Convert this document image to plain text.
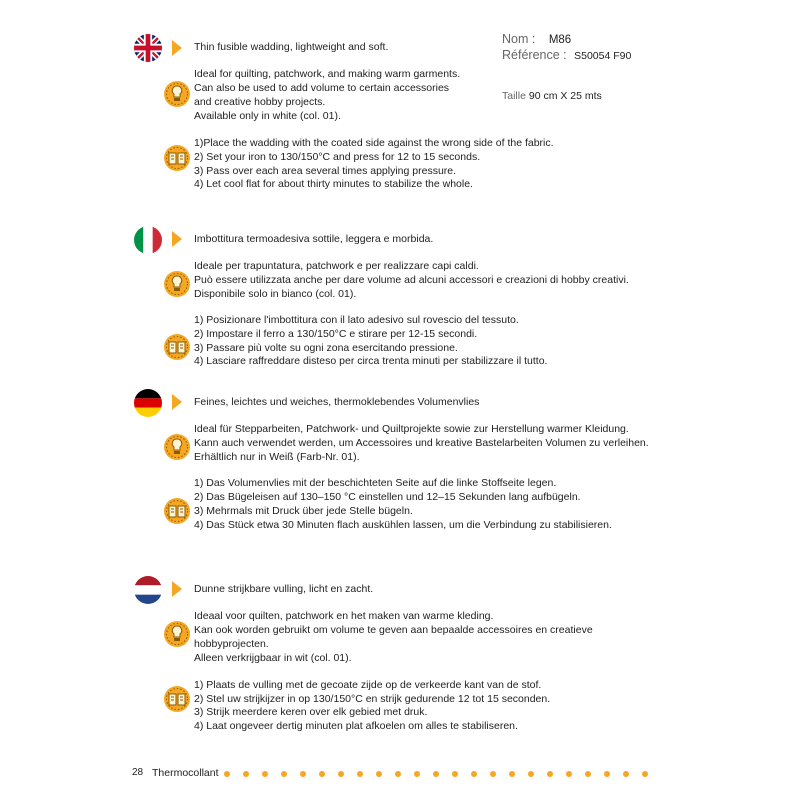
Nom : M86
Référence : S50054 F90
Taille 90 cm X 25 mts
Thin fusible wadding, lightweight and soft.
Ideal for quilting, patchwork, and making warm garments.
Can also be used to add volume to certain accessories
and creative hobby projects.
Available only in white (col. 01).
1)Place the wadding with the coated side against the wrong side of the fabric.
2) Set your iron to 130/150°C and press for 12 to 15 seconds.
3) Pass over each area several times applying pressure.
4) Let cool flat for about thirty minutes to stabilize the whole.
Imbottitura termoadesiva sottile, leggera e morbida.
Ideale per trapuntatura, patchwork e per realizzare capi caldi.
Può essere utilizzata anche per dare volume ad alcuni accessori e creazioni di hobby creativi.
Disponibile solo in bianco (col. 01).
1) Posizionare l'imbottitura con il lato adesivo sul rovescio del tessuto.
2) Impostare il ferro a 130/150°C e stirare per 12-15 secondi.
3) Passare più volte su ogni zona esercitando pressione.
4) Lasciare raffreddare disteso per circa trenta minuti per stabilizzare il tutto.
Feines, leichtes und weiches, thermoklebendes Volumenvlies
Ideal für Stepparbeiten, Patchwork- und Quiltprojekte sowie zur Herstellung warmer Kleidung.
Kann auch verwendet werden, um Accessoires und kreative Bastelarbeiten Volumen zu verleihen.
Erhältlich nur in Weiß (Farb-Nr. 01).
1) Das Volumenvlies mit der beschichteten Seite auf die linke Stoffseite legen.
2) Das Bügeleisen auf 130–150 °C einstellen und 12–15 Sekunden lang aufbügeln.
3) Mehrmals mit Druck über jede Stelle bügeln.
4) Das Stück etwa 30 Minuten flach auskühlen lassen, um die Verbindung zu stabilisieren.
Dunne strijkbare vulling, licht en zacht.
Ideaal voor quilten, patchwork en het maken van warme kleding.
Kan ook worden gebruikt om volume te geven aan bepaalde accessoires en creatieve
hobbyprojecten.
Alleen verkrijgbaar in wit (col. 01).
1) Plaats de vulling met de gecoate zijde op de verkeerde kant van de stof.
2) Stel uw strijkijzer in op 130/150°C en strijk gedurende 12 tot 15 seconden.
3) Strijk meerdere keren over elk gebied met druk.
4) Laat ongeveer dertig minuten plat afkoelen om alles te stabiliseren.
28 Thermocollant
